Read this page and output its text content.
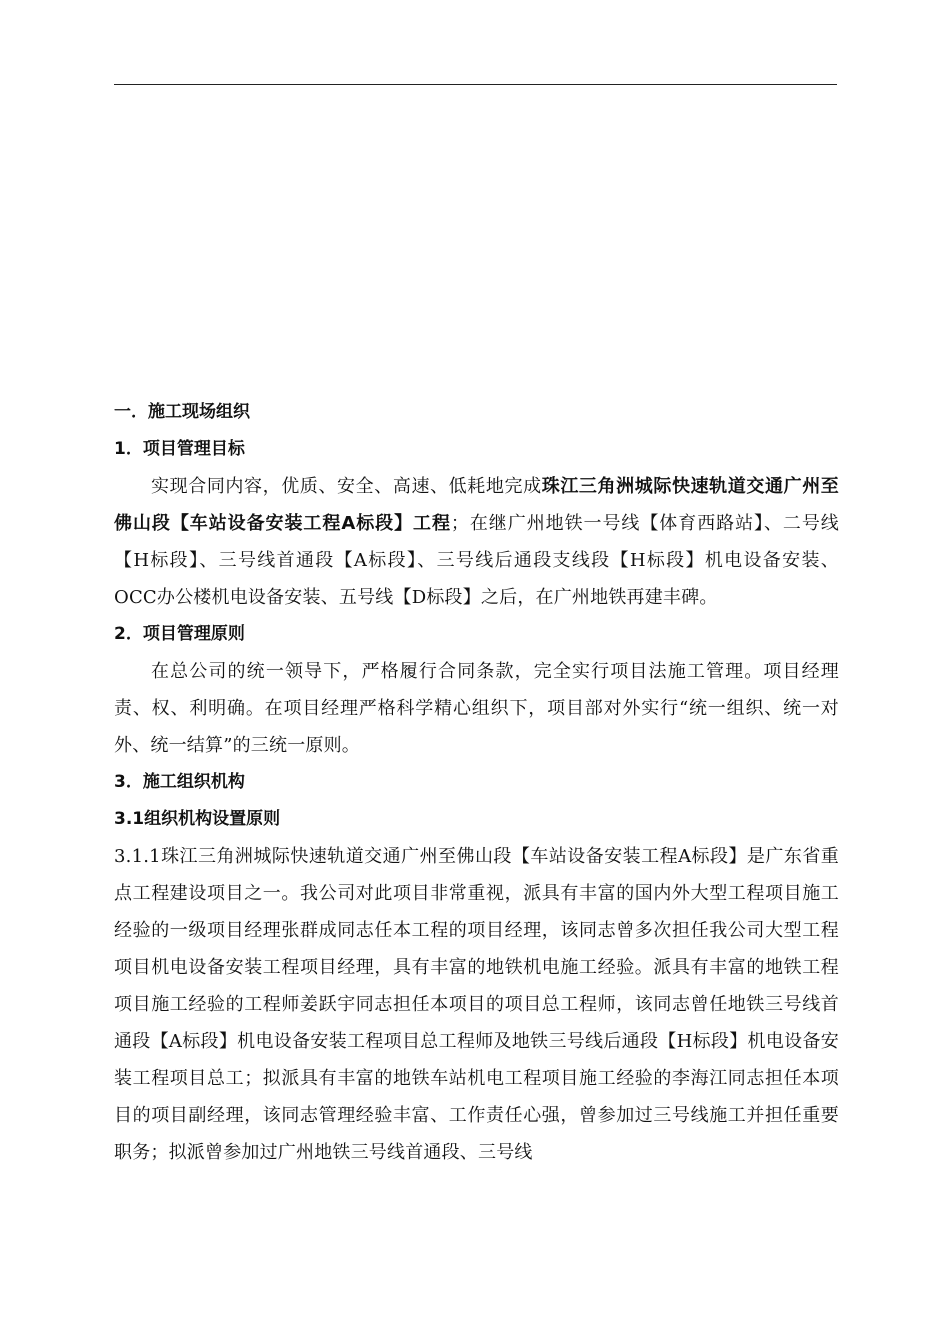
一．施工现场组织

1．项目管理目标

实现合同内容，优质、安全、高速、低耗地完成珠江三角洲城际快速轨道交通广州至佛山段【车站设备安装工程A标段】工程；在继广州地铁一号线【体育西路站】、二号线【H标段】、三号线首通段【A标段】、三号线后通段支线段【H标段】机电设备安装、OCC办公楼机电设备安装、五号线【D标段】之后，在广州地铁再建丰碑。

2．项目管理原则

在总公司的统一领导下，严格履行合同条款，完全实行项目法施工管理。项目经理责、权、利明确。在项目经理严格科学精心组织下，项目部对外实行“统一组织、统一对外、统一结算”的三统一原则。

3．施工组织机构

3.1组织机构设置原则

3.1.1珠江三角洲城际快速轨道交通广州至佛山段【车站设备安装工程A标段】是广东省重点工程建设项目之一。我公司对此项目非常重视，派具有丰富的国内外大型工程项目施工经验的一级项目经理张群成同志任本工程的项目经理，该同志曾多次担任我公司大型工程项目机电设备安装工程项目经理，具有丰富的地铁机电施工经验。派具有丰富的地铁工程项目施工经验的工程师姜跃宇同志担任本项目的项目总工程师，该同志曾任地铁三号线首通段【A标段】机电设备安装工程项目总工程师及地铁三号线后通段【H标段】机电设备安装工程项目总工；拟派具有丰富的地铁车站机电工程项目施工经验的李海江同志担任本项目的项目副经理，该同志管理经验丰富、工作责任心强，曾参加过三号线施工并担任重要职务；拟派曾参加过广州地铁三号线首通段、三号线
